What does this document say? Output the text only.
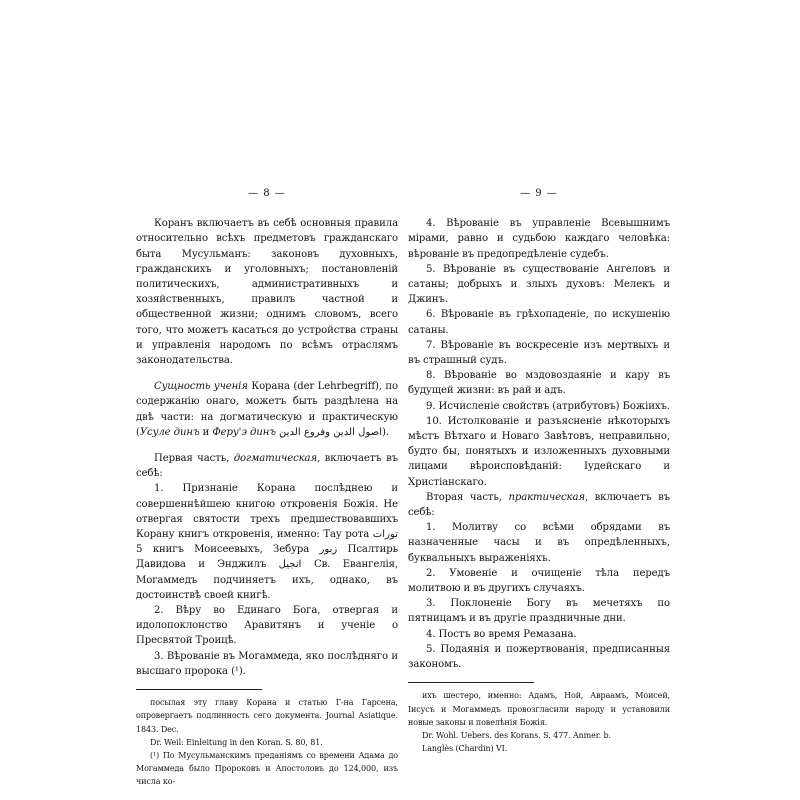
— 8 —

Коранъ включаетъ въ себѣ основныя правила относительно всѣхъ предметовъ гражданскаго быта Мусульманъ: законовъ духовныхъ, гражданскихъ и уголовныхъ; постановленій политическихъ, административныхъ и хозяйственныхъ, правилъ частной и общественной жизни; однимъ словомъ, всего того, что можетъ касаться до устройства страны и управленія народомъ по всѣмъ отраслямъ законодательства.

Сущность ученія Корана (der Lehrbegriff), по содержанію онаго, можетъ быть раздѣлена на двѣ части: на догматическую и практическую (Усуле динъ и Феру'э динъ اصول الدين وفروع الدين).

Первая часть, догматическая, включаетъ въ себѣ:

1. Признаніе Корана послѣднею и совершеннѣйшею книгою откровенія Божія. Не отвергая святости трехъ предшествовавшихъ Корану книгъ откровенія, именно: Тау рота تورات 5 книгъ Моисеевыхъ, Зебура زبور Псалтирь Давидова и Энджилъ انجيل Св. Евангелія, Могаммедъ подчиняетъ ихъ, однако, въ достоинствѣ своей книгѣ.

2. Вѣру во Единаго Бога, отвергая и идолопоклонство Аравитянъ и ученіе о Пресвятой Троицѣ.

3. Вѣрованіе въ Могаммеда, яко послѣдняго и высшаго пророка (¹).

посылая эту главу Корана и статью Г-на Гарсена, опровергаетъ подлинность сего документа. Journal Asiatique. 1843. Dec.

Dr. Weil: Einleitung in den Koran. S. 80, 81.

(¹) По Мусульманскимъ преданіямъ со времени Адама до Могаммеда было Пророковъ и Апостоловъ до 124,000, изъ числа ко-

— 9 —

4. Вѣрованіе въ управленіе Всевышнимъ мірами, равно и судьбою каждаго человѣка: вѣрованіе въ предопредѣленіе судебъ.

5. Вѣрованіе въ существованіе Ангеловъ и сатаны; добрыхъ и злыхъ духовъ: Мелекъ и Джинъ.

6. Вѣрованіе въ грѣхопаденіе, по искушенію сатаны.

7. Вѣрованіе въ воскресеніе изъ мертвыхъ и въ страшный судъ.

8. Вѣрованіе во мздовоздаяніе и кару въ будущей жизни: въ рай и адъ.

9. Исчисленіе свойствъ (атрибутовъ) Божіихъ.

10. Истолкованіе и разъясненіе нѣкоторыхъ мѣстъ Вѣтхаго и Новаго Завѣтовъ, неправильно, будто бы, понятыхъ и изложенныхъ духовными лицами вѣроисповѣданій: Іудейскаго и Христіанскаго.

Вторая часть, практическая, включаетъ въ себѣ:

1. Молитву со всѣми обрядами въ назначенные часы и въ опредѣленныхъ, буквальныхъ выраженіяхъ.

2. Умовеніе и очищеніе тѣла передъ молитвою и въ другихъ случаяхъ.

3. Поклоненіе Богу въ мечетяхъ по пятницамъ и въ другіе праздничные дни.

4. Постъ во время Ремазана.

5. Подаянія и пожертвованія, предписанныя закономъ.

ихъ шестеро, именно: Адамъ, Ной, Авраамъ, Моисей, Іисусъ и Могаммедъ провозгласили народу и установили новые законы и повелѣнія Божія.

Dr. Wohl. Uebers. des Korans. S. 477. Anmer. b.

Langlès (Chardin) VI.
